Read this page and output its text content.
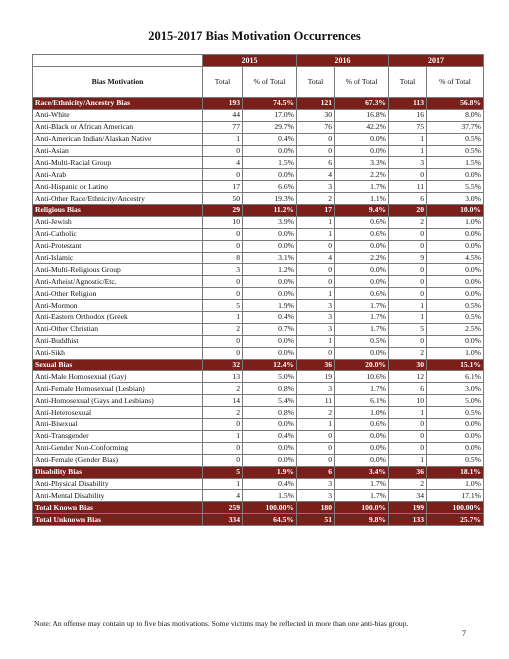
2015-2017 Bias Motivation Occurrences
	2015		2016		2017	
Bias Motivation	Total	% of Total	Total	% of Total	Total	% of Total
Race/Ethnicity/Ancestry Bias	193	74.5%	121	67.3%	113	56.8%
Anti-White	44	17.0%	30	16.8%	16	8.0%
Anti-Black or African American	77	29.7%	76	42.2%	75	37.7%
Anti-American Indian/Alaskan Native	1	0.4%	0	0.0%	1	0.5%
Anti-Asian	0	0.0%	0	0.0%	1	0.5%
Anti-Multi-Racial Group	4	1.5%	6	3.3%	3	1.5%
Anti-Arab	0	0.0%	4	2.2%	0	0.0%
Anti-Hispanic or Latino	17	6.6%	3	1.7%	11	5.5%
Anti-Other Race/Ethnicity/Ancestry	50	19.3%	2	1.1%	6	3.0%
Religious Bias	29	11.2%	17	9.4%	20	10.0%
Anti-Jewish	10	3.9%	1	0.6%	2	1.0%
Anti-Catholic	0	0.0%	1	0.6%	0	0.0%
Anti-Protestant	0	0.0%	0	0.0%	0	0.0%
Anti-Islamic	8	3.1%	4	2.2%	9	4.5%
Anti-Multi-Religious Group	3	1.2%	0	0.0%	0	0.0%
Anti-Atheist/Agnostic/Etc.	0	0.0%	0	0.0%	0	0.0%
Anti-Other Religion	0	0.0%	1	0.6%	0	0.0%
Anti-Mormon	5	1.9%	3	1.7%	1	0.5%
Anti-Eastern Orthodox (Greek	1	0.4%	3	1.7%	1	0.5%
Anti-Other Christian	2	0.7%	3	1.7%	5	2.5%
Anti-Buddhist	0	0.0%	1	0.5%	0	0.0%
Anti-Sikh	0	0.0%	0	0.0%	2	1.0%
Sexual Bias	32	12.4%	36	20.0%	30	15.1%
Anti-Male Homosexual (Gay)	13	5.0%	19	10.6%	12	6.1%
Anti-Female Homosexual (Lesbian)	2	0.8%	3	1.7%	6	3.0%
Anti-Homosexual (Gays and Lesbians)	14	5.4%	11	6.1%	10	5.0%
Anti-Heterosexual	2	0.8%	2	1.0%	1	0.5%
Anti-Bisexual	0	0.0%	1	0.6%	0	0.0%
Anti-Transgender	1	0.4%	0	0.0%	0	0.0%
Anti-Gender Non-Conforming	0	0.0%	0	0.0%	0	0.0%
Anti-Female (Gender Bias)	0	0.0%	0	0.0%	1	0.5%
Disability Bias	5	1.9%	6	3.4%	36	18.1%
Anti-Physical Disability	1	0.4%	3	1.7%	2	1.0%
Anti-Mental Disability	4	1.5%	3	1.7%	34	17.1%
Total Known Bias	259	100.00%	180	100.0%	199	100.00%
Total Unknown Bias	334	64.5%	51	9.8%	133	25.7%
Note: An offense may contain up to five bias motivations. Some victims may be reflected in more than one anti-bias group.
7
